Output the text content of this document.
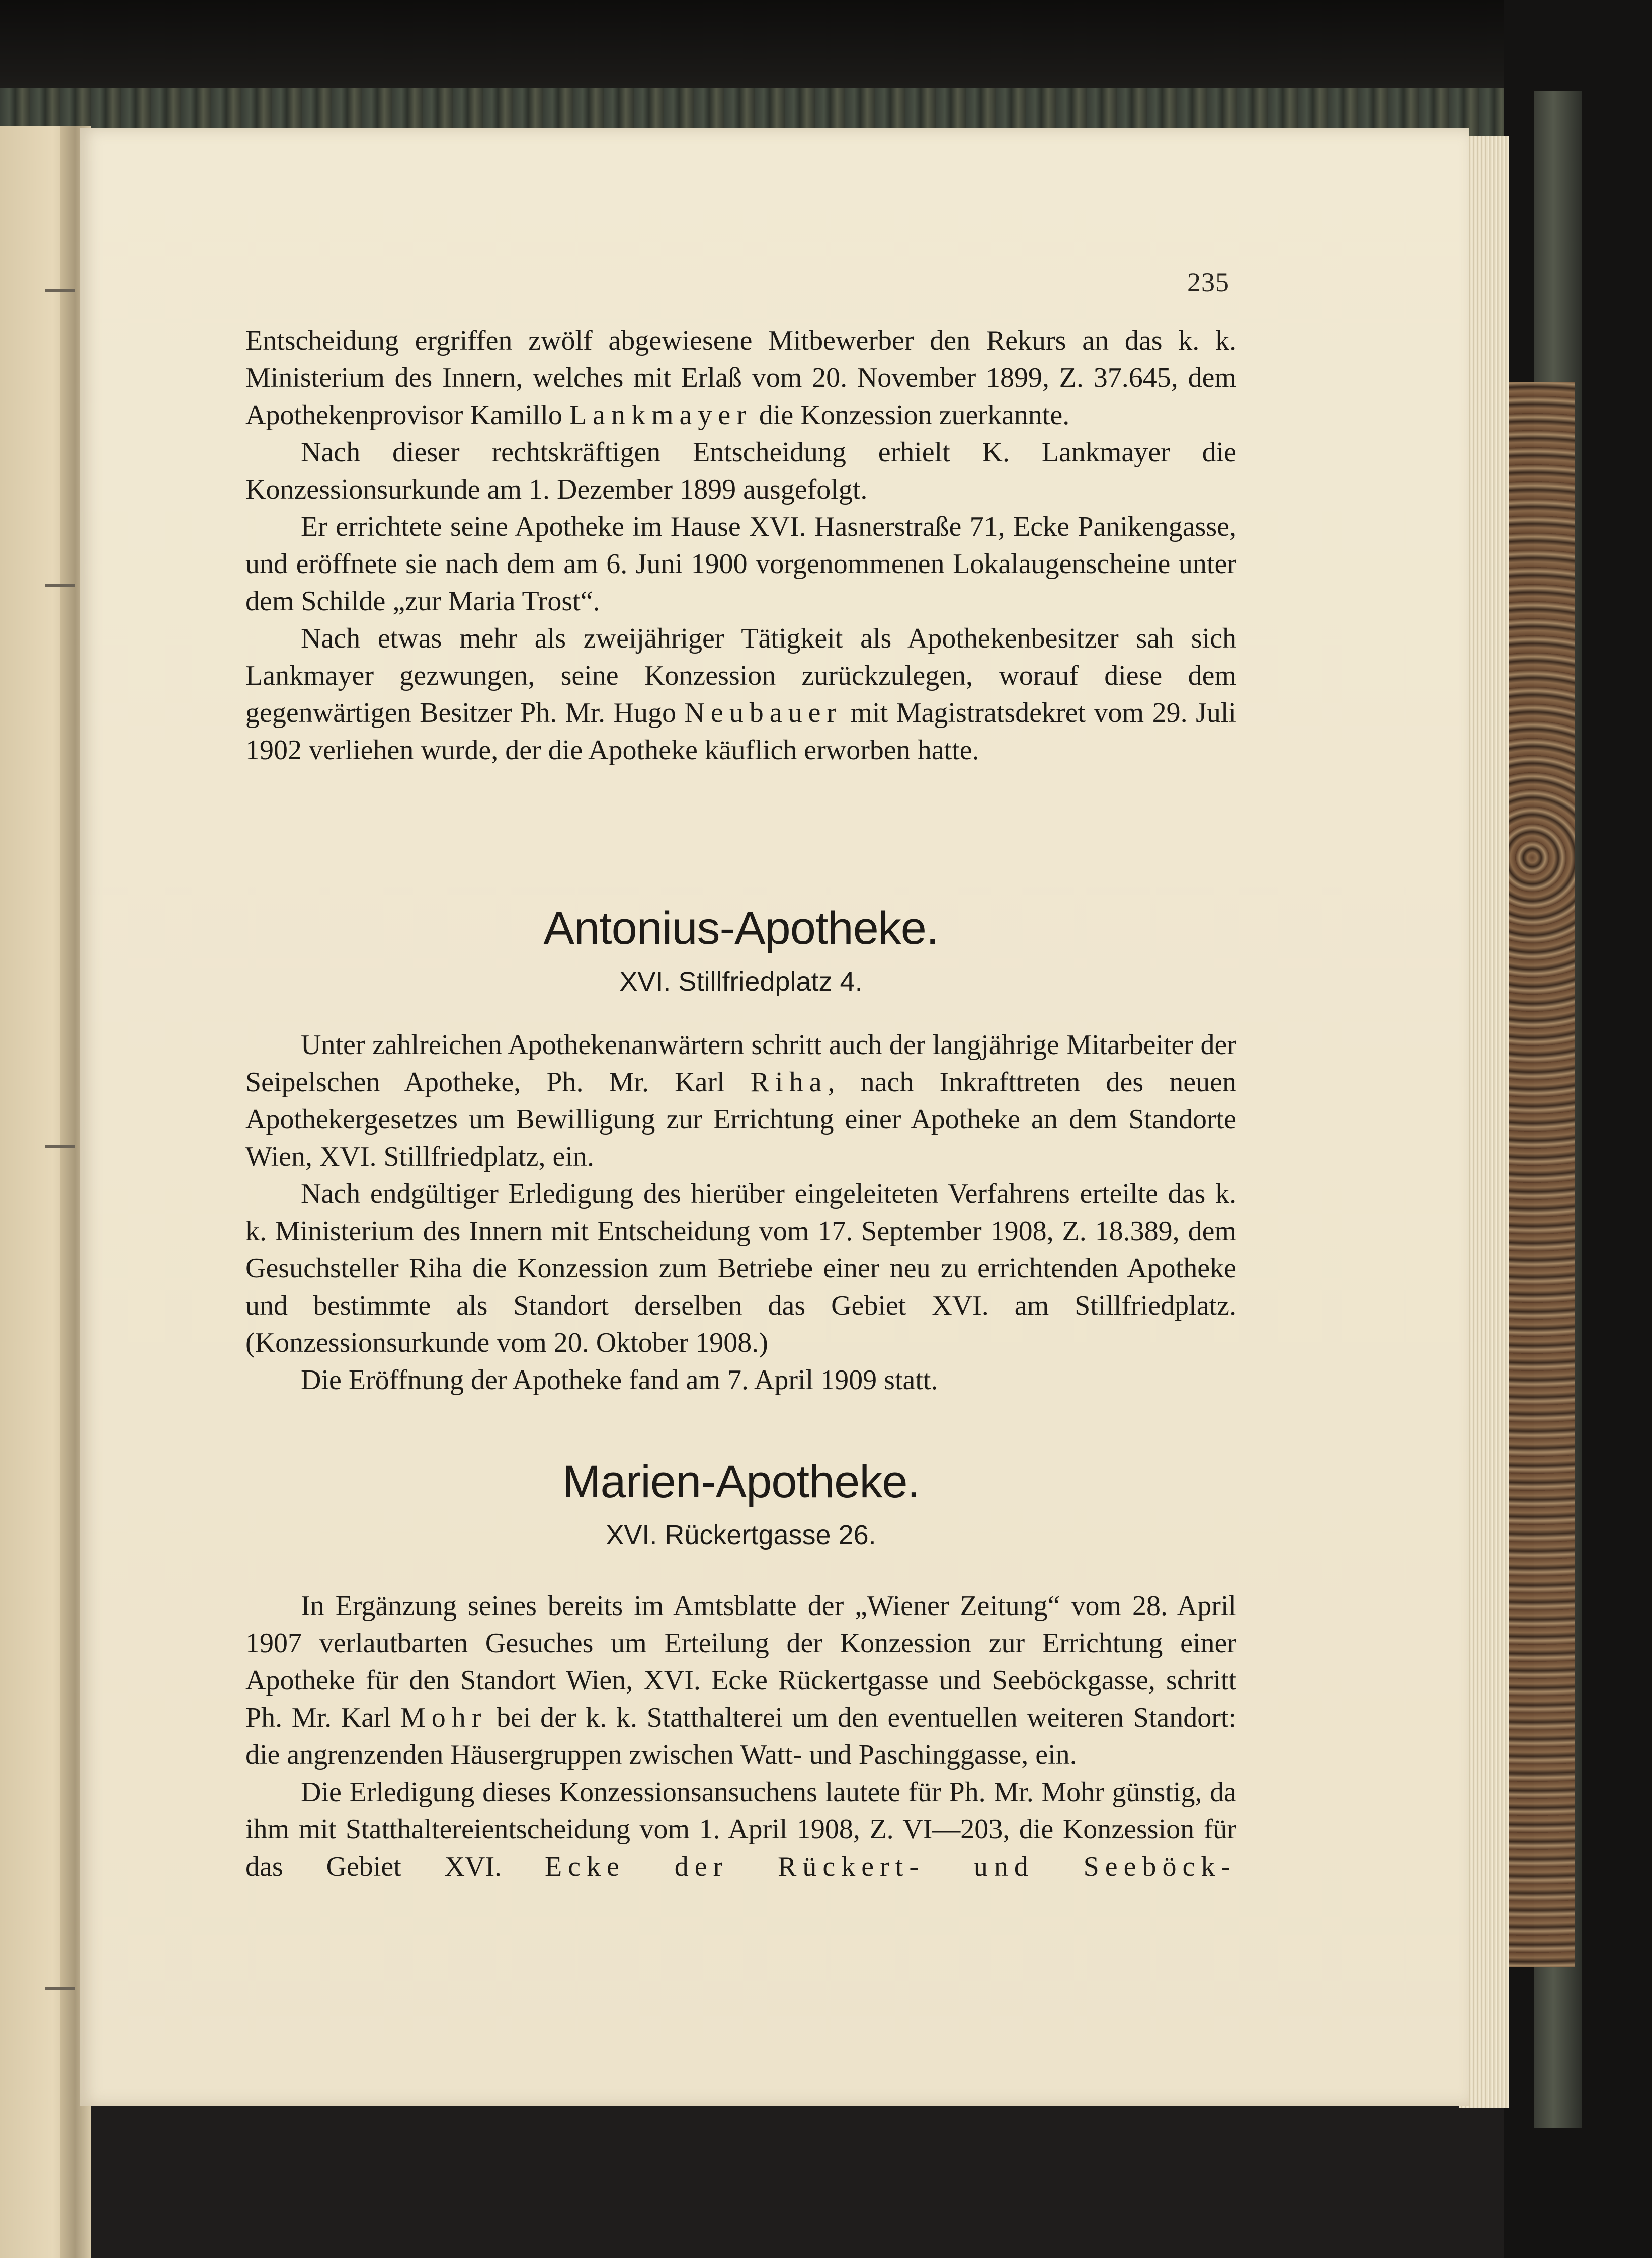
235

Entscheidung ergriffen zwölf abgewiesene Mitbewerber den Rekurs an das k. k. Ministerium des Innern, welches mit Erlaß vom 20. November 1899, Z. 37.645, dem Apothekenprovisor Kamillo Lankmayer die Konzession zuerkannte.

Nach dieser rechtskräftigen Entscheidung erhielt K. Lankmayer die Konzessionsurkunde am 1. Dezember 1899 ausgefolgt.

Er errichtete seine Apotheke im Hause XVI. Hasnerstraße 71, Ecke Panikengasse, und eröffnete sie nach dem am 6. Juni 1900 vorgenommenen Lokalaugenscheine unter dem Schilde „zur Maria Trost“.

Nach etwas mehr als zweijähriger Tätigkeit als Apothekenbesitzer sah sich Lankmayer gezwungen, seine Konzession zurückzulegen, worauf diese dem gegenwärtigen Besitzer Ph. Mr. Hugo Neubauer mit Magistratsdekret vom 29. Juli 1902 verliehen wurde, der die Apotheke käuflich erworben hatte.

Antonius-Apotheke.
XVI. Stillfriedplatz 4.

Unter zahlreichen Apothekenanwärtern schritt auch der langjährige Mitarbeiter der Seipelschen Apotheke, Ph. Mr. Karl Riha, nach Inkrafttreten des neuen Apothekergesetzes um Bewilligung zur Errichtung einer Apotheke an dem Standorte Wien, XVI. Stillfriedplatz, ein.

Nach endgültiger Erledigung des hierüber eingeleiteten Verfahrens erteilte das k. k. Ministerium des Innern mit Entscheidung vom 17. September 1908, Z. 18.389, dem Gesuchsteller Riha die Konzession zum Betriebe einer neu zu errichtenden Apotheke und bestimmte als Standort derselben das Gebiet XVI. am Stillfriedplatz. (Konzessionsurkunde vom 20. Oktober 1908.)

Die Eröffnung der Apotheke fand am 7. April 1909 statt.

Marien-Apotheke.
XVI. Rückertgasse 26.

In Ergänzung seines bereits im Amtsblatte der „Wiener Zeitung“ vom 28. April 1907 verlautbarten Gesuches um Erteilung der Konzession zur Errichtung einer Apotheke für den Standort Wien, XVI. Ecke Rückertgasse und Seeböckgasse, schritt Ph. Mr. Karl Mohr bei der k. k. Statthalterei um den eventuellen weiteren Standort: die angrenzenden Häusergruppen zwischen Watt- und Paschinggasse, ein.

Die Erledigung dieses Konzessionsansuchens lautete für Ph. Mr. Mohr günstig, da ihm mit Statthaltereientscheidung vom 1. April 1908, Z. VI—203, die Konzession für das Gebiet XVI. Ecke der Rückert- und Seeböck-
